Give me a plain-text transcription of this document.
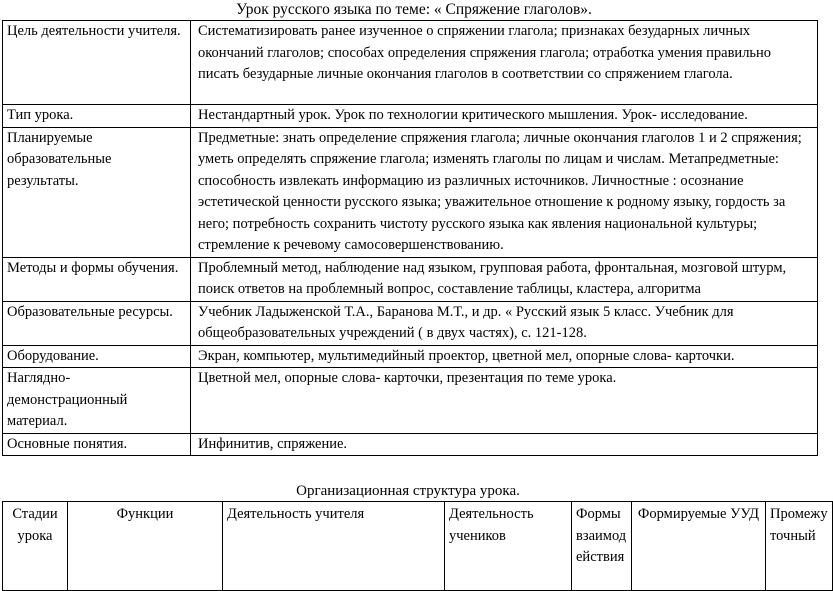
Урок русского языка по теме: « Спряжение глаголов».
Цель деятельности учителя.	Систематизировать ранее изученное о спряжении глагола; признаках безударных личных окончаний глаголов; способах определения спряжения глагола; отработка умения правильно писать безударные личные окончания глаголов в соответствии со спряжением глагола.
Тип урока.	Нестандартный урок. Урок по технологии критического мышления. Урок- исследование.
Планируемые образовательные результаты.	Предметные: знать определение спряжения глагола; личные окончания глаголов 1 и 2 спряжения; уметь определять спряжение глагола; изменять глаголы по лицам и числам. Метапредметные: способность извлекать информацию из различных источников. Личностные : осознание эстетической ценности русского языка; уважительное отношение к родному языку, гордость за него; потребность сохранить чистоту русского языка как явления национальной культуры; стремление к речевому самосовершенствованию.
Методы и формы обучения.	Проблемный метод, наблюдение над языком, групповая работа, фронтальная, мозговой штурм, поиск ответов на проблемный вопрос, составление таблицы, кластера, алгоритма
Образовательные ресурсы.	Учебник Ладыженской Т.А., Баранова М.Т., и др. « Русский язык 5 класс. Учебник для общеобразовательных учреждений ( в двух частях), с. 121-128.
Оборудование.	Экран, компьютер, мультимедийный проектор, цветной мел, опорные слова- карточки.
Наглядно-демонстрационный материал.	Цветной мел, опорные слова- карточки, презентация по теме урока.
Основные понятия.	Инфинитив, спряжение.
Организационная структура урока.
Стадии урока	Функции	Деятельность учителя	Деятельность учеников	Формы взаимодействия	Формируемые УУД	Промежуточный
